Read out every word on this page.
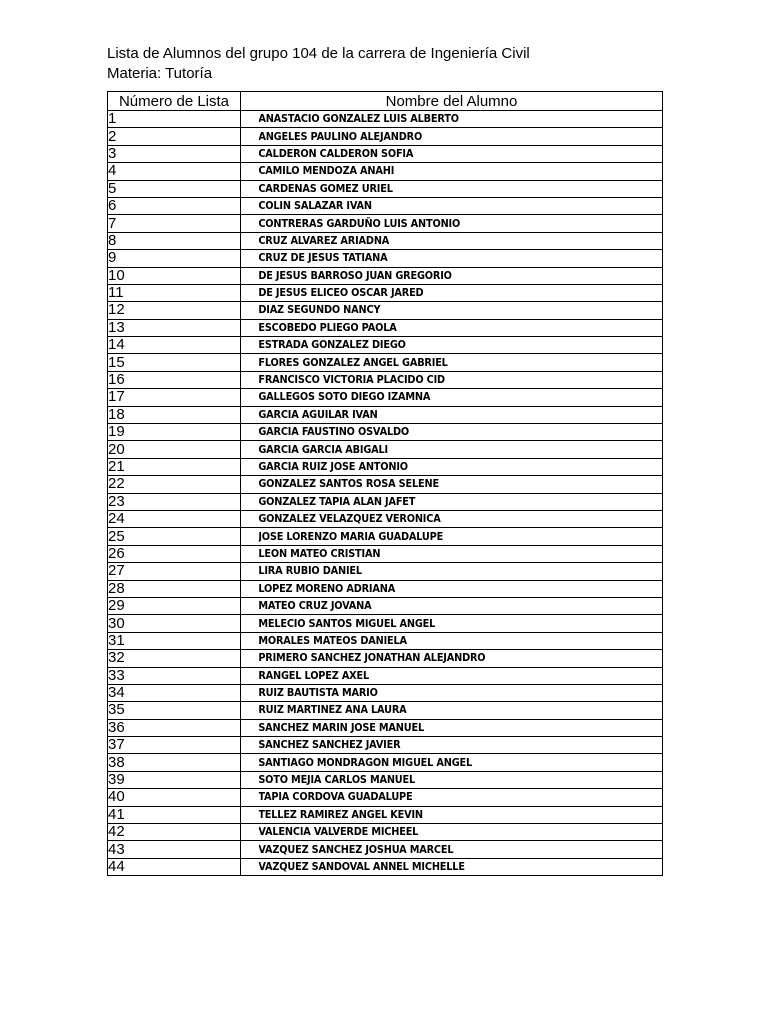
Lista de Alumnos del grupo 104 de la carrera de Ingeniería Civil
Materia: Tutoría
Número de Lista	Nombre del Alumno
1	ANASTACIO GONZALEZ LUIS ALBERTO
2	ANGELES PAULINO ALEJANDRO
3	CALDERON CALDERON SOFIA
4	CAMILO MENDOZA ANAHI
5	CARDENAS GOMEZ URIEL
6	COLIN SALAZAR IVAN
7	CONTRERAS GARDUÑO LUIS ANTONIO
8	CRUZ ALVAREZ ARIADNA
9	CRUZ DE JESUS TATIANA
10	DE JESUS BARROSO JUAN GREGORIO
11	DE JESUS ELICEO OSCAR JARED
12	DIAZ SEGUNDO NANCY
13	ESCOBEDO PLIEGO PAOLA
14	ESTRADA GONZALEZ DIEGO
15	FLORES GONZALEZ ANGEL GABRIEL
16	FRANCISCO VICTORIA PLACIDO CID
17	GALLEGOS SOTO DIEGO IZAMNA
18	GARCIA AGUILAR IVAN
19	GARCIA FAUSTINO OSVALDO
20	GARCIA GARCIA ABIGALI
21	GARCIA RUIZ JOSE ANTONIO
22	GONZALEZ SANTOS ROSA SELENE
23	GONZALEZ TAPIA ALAN JAFET
24	GONZALEZ VELAZQUEZ VERONICA
25	JOSE LORENZO MARIA GUADALUPE
26	LEON MATEO CRISTIAN
27	LIRA RUBIO DANIEL
28	LOPEZ MORENO ADRIANA
29	MATEO CRUZ JOVANA
30	MELECIO SANTOS MIGUEL ANGEL
31	MORALES MATEOS DANIELA
32	PRIMERO SANCHEZ JONATHAN ALEJANDRO
33	RANGEL LOPEZ AXEL
34	RUIZ BAUTISTA MARIO
35	RUIZ MARTINEZ ANA LAURA
36	SANCHEZ MARIN JOSE MANUEL
37	SANCHEZ SANCHEZ JAVIER
38	SANTIAGO MONDRAGON MIGUEL ANGEL
39	SOTO MEJIA CARLOS MANUEL
40	TAPIA CORDOVA GUADALUPE
41	TELLEZ RAMIREZ ANGEL KEVIN
42	VALENCIA VALVERDE MICHEEL
43	VAZQUEZ SANCHEZ JOSHUA MARCEL
44	VAZQUEZ SANDOVAL ANNEL MICHELLE
